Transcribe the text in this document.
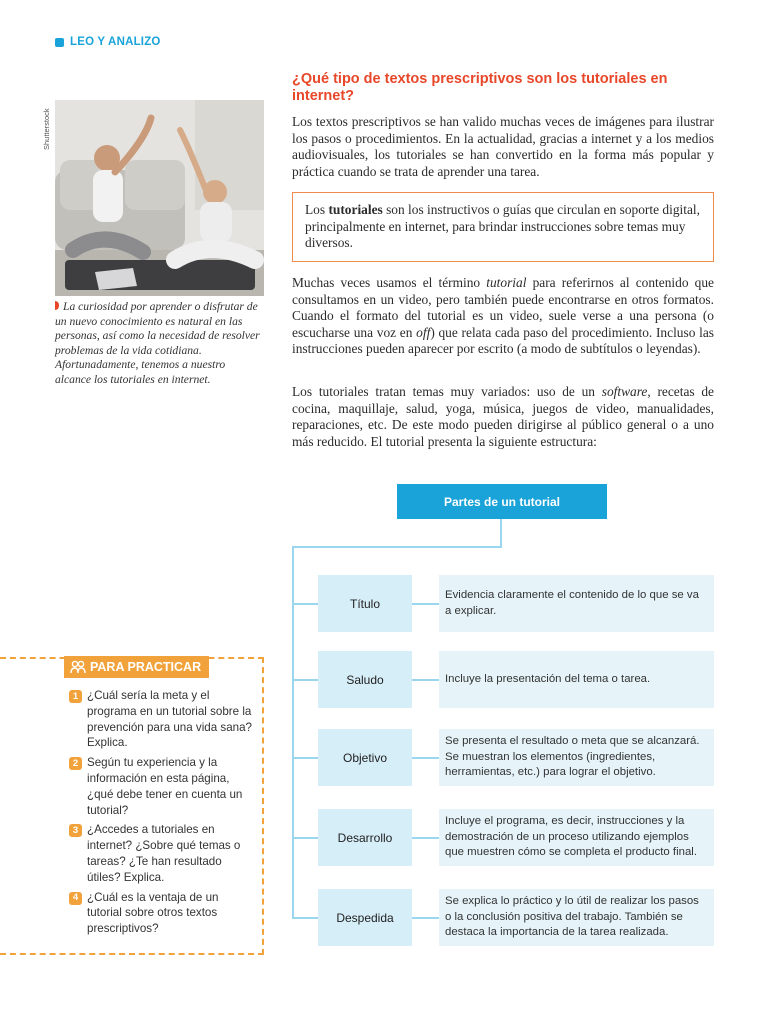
LEO Y ANALIZO
Shutterstock
La curiosidad por aprender o disfrutar de un nuevo conocimiento es natural en las personas, así como la necesidad de resolver problemas de la vida cotidiana. Afortunadamente, tenemos a nuestro alcance los tutoriales en internet.
¿Qué tipo de textos prescriptivos son los tutoriales en internet?

Los textos prescriptivos se han valido muchas veces de imágenes para ilustrar los pasos o procedimientos. En la actualidad, gracias a internet y a los medios audiovisuales, los tutoriales se han convertido en la forma más popular y práctica cuando se trata de aprender una tarea.

Los tutoriales son los instructivos o guías que circulan en soporte digital, principalmente en internet, para brindar instrucciones sobre temas muy diversos.

Muchas veces usamos el término tutorial para referirnos al contenido que consultamos en un video, pero también puede encontrarse en otros formatos. Cuando el formato del tutorial es un video, suele verse a una persona (o escucharse una voz en off) que relata cada paso del procedimiento. Incluso las instrucciones pueden aparecer por escrito (a modo de subtítulos o leyendas).

Los tutoriales tratan temas muy variados: uso de un software, recetas de cocina, maquillaje, salud, yoga, música, juegos de video, manualidades, reparaciones, etc. De este modo pueden dirigirse al público general o a uno más reducido. El tutorial presenta la siguiente estructura:

Partes de un tutorial
Título
Evidencia claramente el contenido de lo que se va a explicar.
Saludo	Incluye la presentación del tema o tarea.
Objetivo
Se presenta el resultado o meta que se alcanzará. Se muestran los elementos (ingredientes, herramientas, etc.) para lograr el objetivo.
Desarrollo
Incluye el programa, es decir, instrucciones y la demostración de un proceso utilizando ejemplos que muestren cómo se completa el producto final.
Despedida
Se explica lo práctico y lo útil de realizar los pasos o la conclusión positiva del trabajo. También se destaca la importancia de la tarea realizada.
PARA PRACTICAR
1 ¿Cuál sería la meta y el programa en un tutorial sobre la prevención para una vida sana? Explica.
2 Según tu experiencia y la información en esta página, ¿qué debe tener en cuenta un tutorial?
3 ¿Accedes a tutoriales en internet? ¿Sobre qué temas o tareas? ¿Te han resultado útiles? Explica.
4 ¿Cuál es la ventaja de un tutorial sobre otros textos prescriptivos?
